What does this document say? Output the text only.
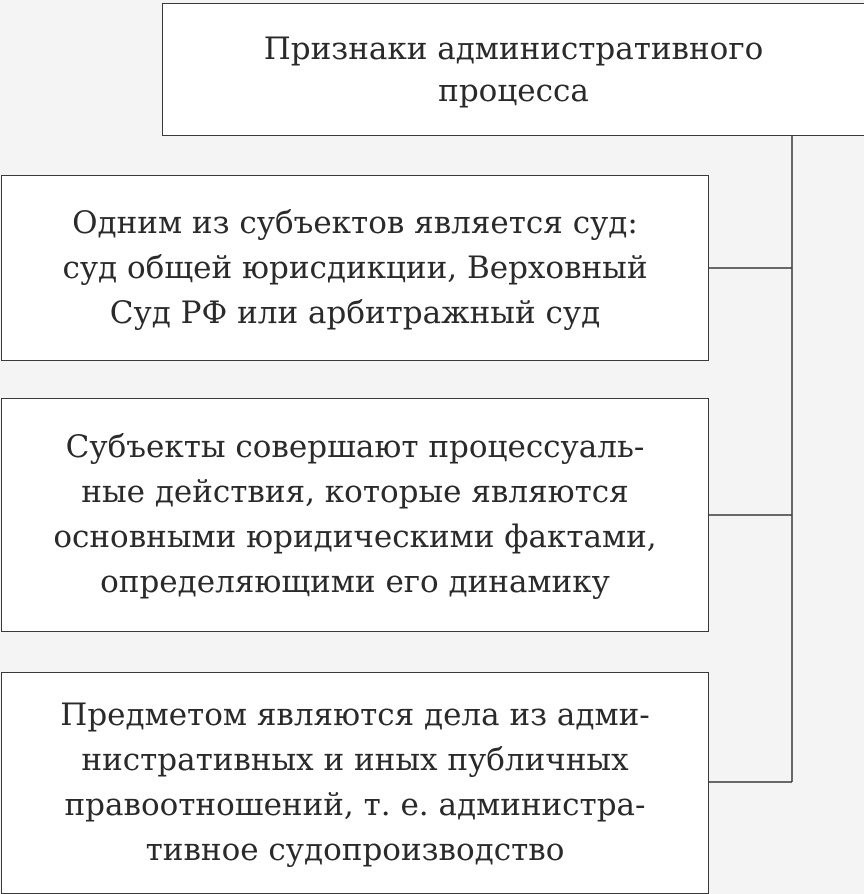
Признаки административного
процесса
Одним из субъектов является суд:
суд общей юрисдикции, Верховный
Суд РФ или арбитражный суд
Субъекты совершают процессуаль-
ные действия, которые являются
основными юридическими фактами,
определяющими его динамику
Предметом являются дела из адми-
нистративных и иных публичных
правоотношений, т. е. администра-
тивное судопроизводство
